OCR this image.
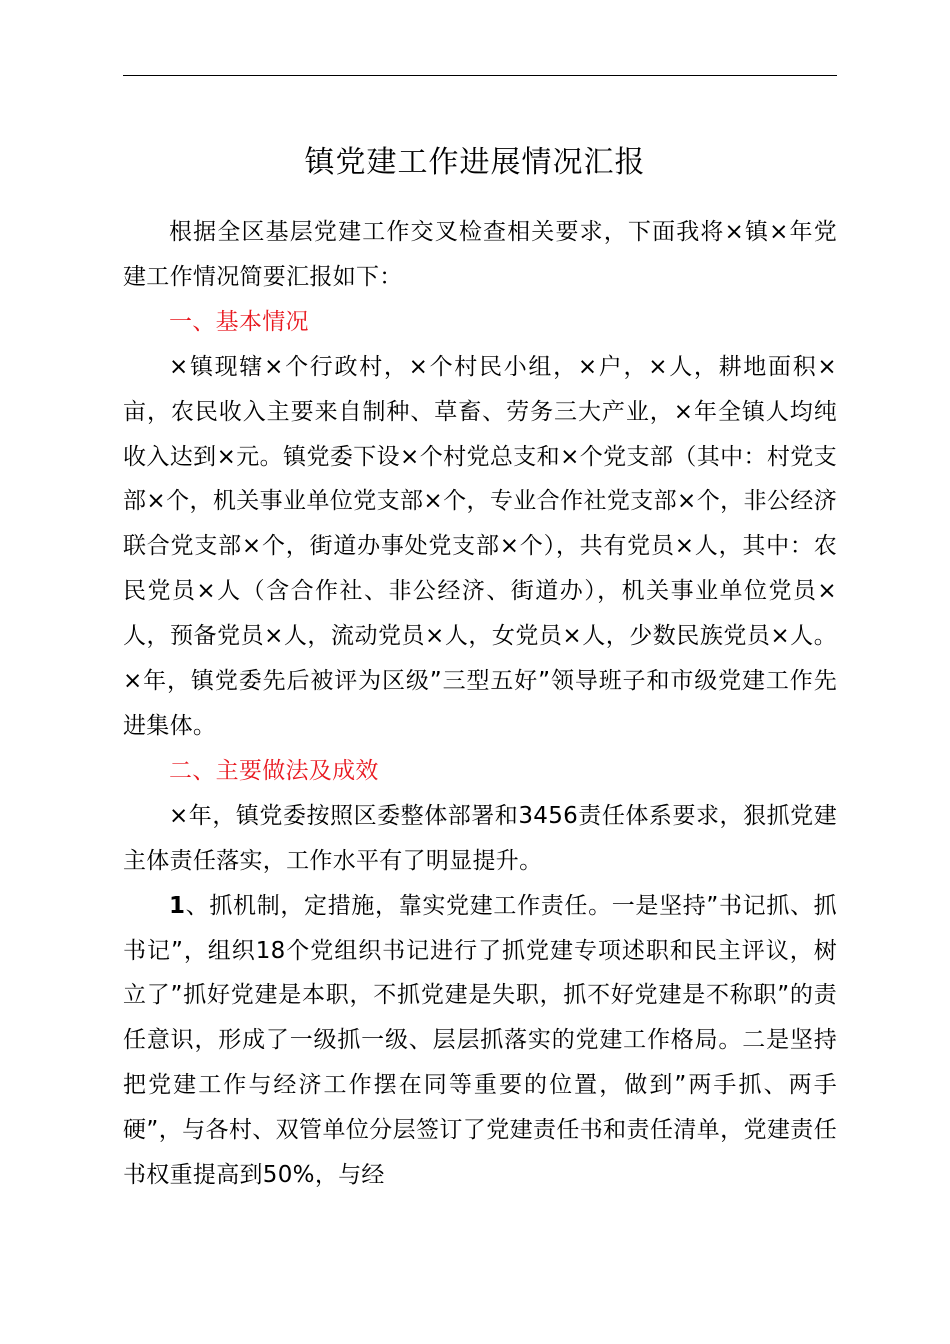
镇党建工作进展情况汇报

根据全区基层党建工作交叉检查相关要求，下面我将×镇×年党建工作情况简要汇报如下：

一、基本情况

×镇现辖×个行政村，×个村民小组，×户，×人，耕地面积×亩，农民收入主要来自制种、草畜、劳务三大产业，×年全镇人均纯收入达到×元。镇党委下设×个村党总支和×个党支部（其中：村党支部×个，机关事业单位党支部×个，专业合作社党支部×个，非公经济联合党支部×个，街道办事处党支部×个），共有党员×人，其中：农民党员×人（含合作社、非公经济、街道办），机关事业单位党员×人，预备党员×人，流动党员×人，女党员×人，少数民族党员×人。×年，镇党委先后被评为区级”三型五好”领导班子和市级党建工作先进集体。

二、主要做法及成效

×年，镇党委按照区委整体部署和3456责任体系要求，狠抓党建主体责任落实，工作水平有了明显提升。

1、抓机制，定措施，靠实党建工作责任。一是坚持”书记抓、抓书记”，组织18个党组织书记进行了抓党建专项述职和民主评议，树立了”抓好党建是本职，不抓党建是失职，抓不好党建是不称职”的责任意识，形成了一级抓一级、层层抓落实的党建工作格局。二是坚持把党建工作与经济工作摆在同等重要的位置，做到”两手抓、两手硬”，与各村、双管单位分层签订了党建责任书和责任清单，党建责任书权重提高到50%，与经
